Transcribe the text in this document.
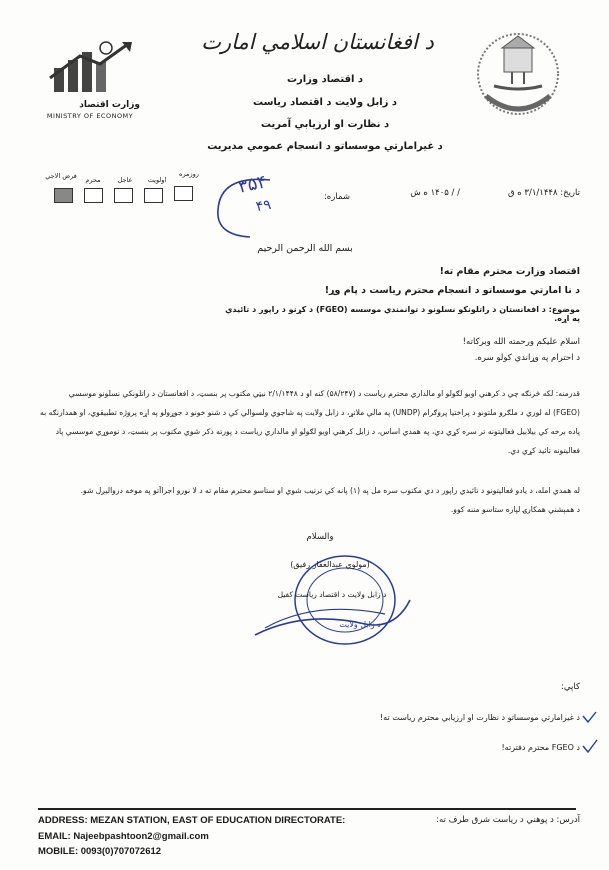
وزارت اقتصاد
MINISTRY OF ECONOMY
د افغانستان اسلامي امارت
د اقتصاد وزارت
د زابل ولايت د اقتصاد رياست
د نظارت او ارزيابي آمريت
د غيرامارتي موسساتو د انسجام عمومي مديريت
روزمره
اولويت
عاجل
محرم
فرض الاجي
تاريخ: ۳/۱/۱۴۴۸ ه ق
/ / ۱۴۰۵ ه ش
شماره:
۳۵۴
۴۹
بسم الله الرحمن الرحيم
اقتصاد وزارت محترم مقام ته!
د نا امارتي موسساتو د انسجام محترم رياست د پام وړ!
موضوع: د افغانستان د راتلونکو نسلونو د توانمندي موسسه (FGEO) د کړنو د راپور د تائيدي په اړه.
اسلام عليکم ورحمته الله وبرکاته!
د احترام په وړاندي کولو سره.
قدرمنه: لکه څرنګه چي د کرهني اوبو لګولو او مالداري محترم رياست د (۵۸/۲۴۷) کنه او د ۲/۱/۱۴۴۸ نيټي مکتوب پر بنسټ، د افغانستان د راتلونکي نسلونو موسسي
(FGEO) له لوري د ملګرو ملتونو د پراختيا پروګرام (UNDP) په مالي ملاتړ، د زابل ولايت په شاجوي ولسوالي کي د شنو خونو د جوړولو په اړه پروژه تطبيقوي، او همدارنګه به
پاده برخه کي بيلابيل فعاليتونه تر سره کړي دي، په همدي اساس، د زابل کرهني اوبو لګولو او مالداري رياست د پورته ذکر شوي مکتوب پر بنسټ، د نوموړي موسسي پاد
فعاليتونه تائيد کړي دي.
له همدي امله، د يادو فعاليتونو د تائيدي راپور د دي مکتوب سره مل په (۱) پانه کي ترتيب شوي او ستاسو محترم مقام ته د لا نورو اجراآتو په موخه درواليږل شو.
د همېشني همکارۍ لپاره ستاسو مننه کوو.
والسلام
(مولوي عبدالغفار رفيق)
د زابل ولايت د اقتصاد رياست کفيل
د زابل ولايت
کاپي:
د غيرامارتي موسساتو د نظارت او ارزيابي محترم رياست ته!
د FGEO محترم دفترته!
ADDRESS: MEZAN STATION, EAST OF EDUCATION DIRECTORATE:	آدرس: د پوهني د رياست شرق طرف ته:
EMAIL: Najeebpashtoon2@gmail.com
MOBILE: 0093(0)707072612
